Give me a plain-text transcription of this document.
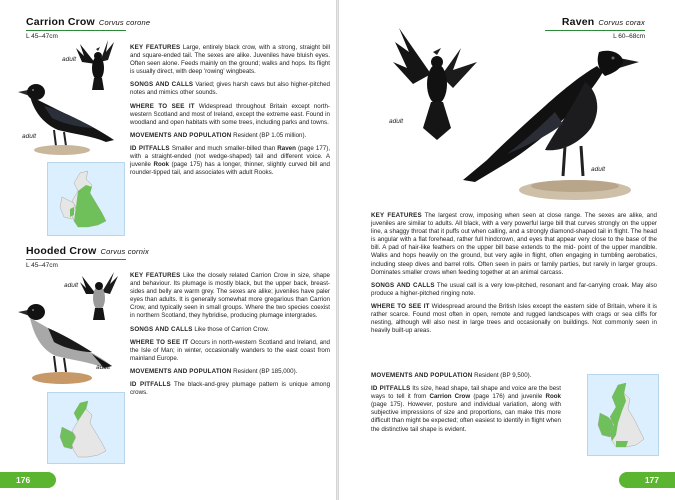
Carrion Crow Corvus corone
L 45–47cm
adult
adult

KEY FEATURES Large, entirely black crow, with a strong, straight bill and square-ended tail. The sexes are alike. Juveniles have bluish eyes. Often seen alone. Feeds mainly on the ground; walks and hops. Its flight is usually direct, with deep 'rowing' wingbeats.

SONGS AND CALLS Varied; gives harsh caws but also higher-pitched notes and mimics other sounds.

WHERE TO SEE IT Widespread throughout Britain except north-western Scotland and most of Ireland, except the extreme east. Found in woodland and open habitats with some trees, including parks and towns.

MOVEMENTS AND POPULATION Resident (BP 1.05 million).

ID PITFALLS Smaller and much smaller-billed than Raven (page 177), with a straight-ended (not wedge-shaped) tail and different voice. A juvenile Rook (page 175) has a longer, thinner, slightly curved bill and rounder-tipped tail, and associates with adult Rooks.

Hooded Crow Corvus cornix
L 45–47cm
adult
adult

KEY FEATURES Like the closely related Carrion Crow in size, shape and behaviour. Its plumage is mostly black, but the upper back, breast-sides and belly are warm grey. The sexes are alike; juveniles have paler eyes than adults. It is generally somewhat more gregarious than Carrion Crow, and typically seen in small groups. Where the two species coexist in northern Scotland, they hybridise, producing plumage intergrades.

SONGS AND CALLS Like those of Carrion Crow.

WHERE TO SEE IT Occurs in north-western Scotland and Ireland, and the Isle of Man; in winter, occasionally wanders to the east coast from mainland Europe.

MOVEMENTS AND POPULATION Resident (BP 185,000).

ID PITFALLS The black-and-grey plumage pattern is unique among crows.

176
Raven Corvus corax
L 60–68cm
adult
adult

KEY FEATURES The largest crow, imposing when seen at close range. The sexes are alike, and juveniles are similar to adults. All black, with a very powerful large bill that curves strongly on the upper line, a shaggy throat that it puffs out when calling, and a strongly diamond-shaped tail in flight. The head is angular with a flat forehead, rather full hindcrown, and eyes that appear very close to the base of the bill. A pad of hair-like feathers on the upper bill base extends to the mid- point of the upper mandible. Walks and hops heavily on the ground, but very agile in flight, often engaging in tumbling aerobatics, including steep dives and barrel rolls. Often seen in pairs or family parties, but rarely in larger groups. Dominates smaller crows when feeding together at an animal carcass.

SONGS AND CALLS The usual call is a very low-pitched, resonant and far-carrying croak. May also produce a higher-pitched ringing note.

WHERE TO SEE IT Widespread around the British Isles except the eastern side of Britain, where it is rather scarce. Found most often in open, remote and rugged landscapes with crags or sea cliffs for nesting, although will also nest in large trees and occasionally on buildings. Not commonly seen in heavily built-up areas.

MOVEMENTS AND POPULATION Resident (BP 9,500).

ID PITFALLS Its size, head shape, tail shape and voice are the best ways to tell it from Carrion Crow (page 176) and juvenile Rook (page 175). However, posture and individual variation, along with subjective impressions of size and proportions, can make this more difficult than might be expected; often easiest to identify in flight when the distinctive tail shape is evident.

177
